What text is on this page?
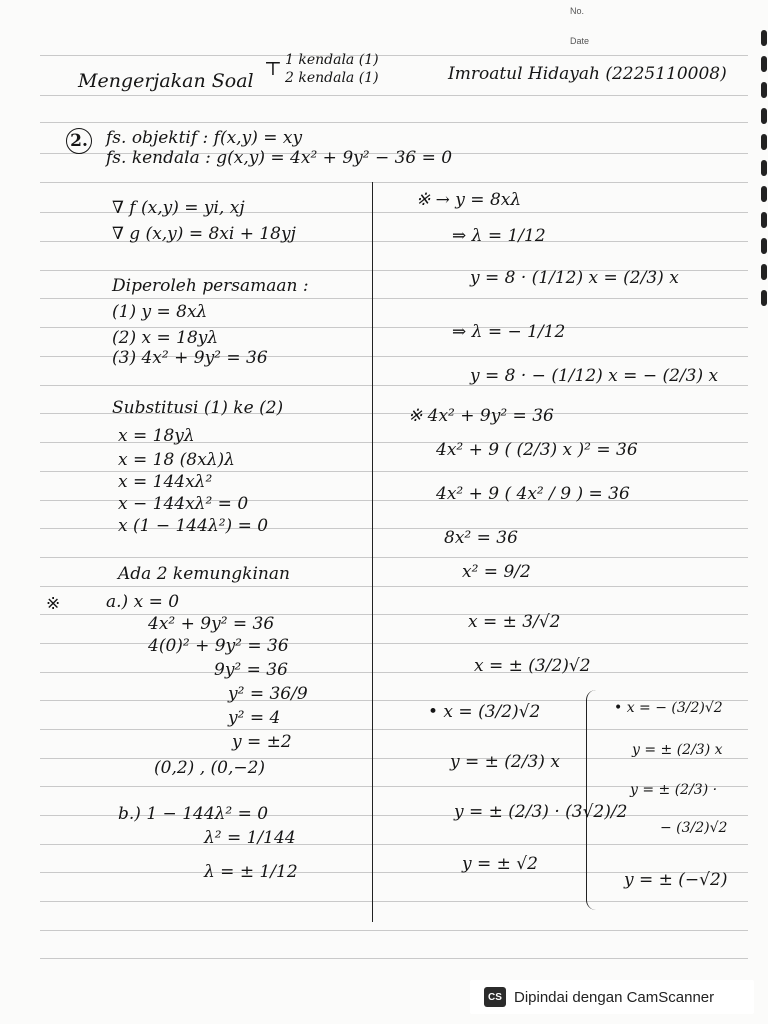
No.
Date
Mengerjakan Soal
1 kendala (1)
2 kendala (1)
⊤	Imroatul Hidayah (2225110008)
2.	fs. objektif : f(x,y) = xy
fs. kendala : g(x,y) = 4x² + 9y² − 36 = 0
∇ f (x,y) = yi, xj
∇ g (x,y) = 8xi + 18yj
Diperoleh persamaan :
(1) y = 8xλ
(2) x = 18yλ
(3) 4x² + 9y² = 36
Substitusi (1) ke (2)
x = 18yλ
x = 18 (8xλ)λ
x = 144xλ²
x − 144xλ² = 0
x (1 − 144λ²) = 0
Ada 2 kemungkinan
※	a.) x = 0
4x² + 9y² = 36
4(0)² + 9y² = 36
9y² = 36
y² = 36/9
y² = 4
y = ±2
(0,2) , (0,−2)
b.) 1 − 144λ² = 0
λ² = 1/144
λ = ± 1/12
※ → y = 8xλ
⇒ λ = 1/12
y = 8 · (1/12) x = (2/3) x
⇒ λ = − 1/12
y = 8 · − (1/12) x = − (2/3) x
※ 4x² + 9y² = 36
4x² + 9 ( (2/3) x )² = 36
4x² + 9 ( 4x² / 9 ) = 36
8x² = 36
x² = 9/2
x = ± 3/√2
x = ± (3/2)√2
• x = (3/2)√2
y = ± (2/3) x
y = ± (2/3) · (3√2)/2
y = ± √2
• x = − (3/2)√2
y = ± (2/3) x
y = ± (2/3) ·
− (3/2)√2
y = ± (−√2)
CS Dipindai dengan CamScanner
